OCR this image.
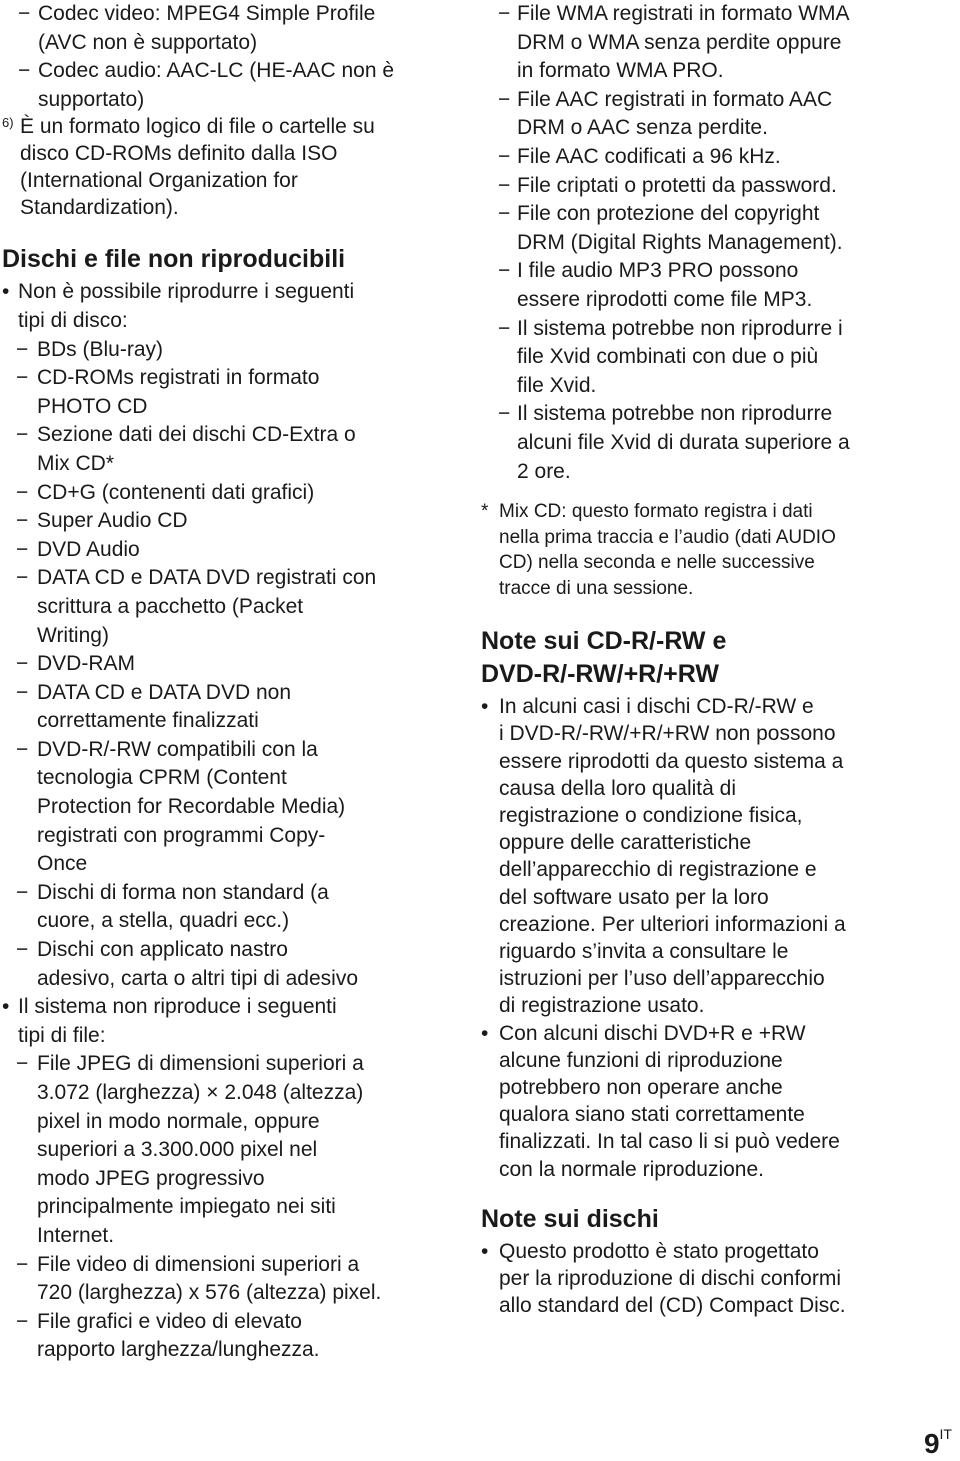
− Codec video: MPEG4 Simple Profile
(AVC non è supportato)
− Codec audio: AAC-LC (HE-AAC non è
supportato)
6) È un formato logico di file o cartelle su
disco CD-ROMs definito dalla ISO
(International Organization for
Standardization).
Dischi e file non riproducibili
• Non è possibile riprodurre i seguenti
tipi di disco:
− BDs (Blu-ray)
− CD-ROMs registrati in formato
PHOTO CD
− Sezione dati dei dischi CD-Extra o
Mix CD*
− CD+G (contenenti dati grafici)
− Super Audio CD
− DVD Audio
− DATA CD e DATA DVD registrati con
scrittura a pacchetto (Packet
Writing)
− DVD-RAM
− DATA CD e DATA DVD non
correttamente finalizzati
− DVD-R/-RW compatibili con la
tecnologia CPRM (Content
Protection for Recordable Media)
registrati con programmi Copy-
Once
− Dischi di forma non standard (a
cuore, a stella, quadri ecc.)
− Dischi con applicato nastro
adesivo, carta o altri tipi di adesivo
• Il sistema non riproduce i seguenti
tipi di file:
− File JPEG di dimensioni superiori a
3.072 (larghezza) × 2.048 (altezza)
pixel in modo normale, oppure
superiori a 3.300.000 pixel nel
modo JPEG progressivo
principalmente impiegato nei siti
Internet.
− File video di dimensioni superiori a
720 (larghezza) x 576 (altezza) pixel.
− File grafici e video di elevato
rapporto larghezza/lunghezza.
− File WMA registrati in formato WMA
DRM o WMA senza perdite oppure
in formato WMA PRO.
− File AAC registrati in formato AAC
DRM o AAC senza perdite.
− File AAC codificati a 96 kHz.
− File criptati o protetti da password.
− File con protezione del copyright
DRM (Digital Rights Management).
− I file audio MP3 PRO possono
essere riprodotti come file MP3.
− Il sistema potrebbe non riprodurre i
file Xvid combinati con due o più
file Xvid.
− Il sistema potrebbe non riprodurre
alcuni file Xvid di durata superiore a
2 ore.
* Mix CD: questo formato registra i dati
nella prima traccia e l’audio (dati AUDIO
CD) nella seconda e nelle successive
tracce di una sessione.
Note sui CD-R/-RW e
DVD-R/-RW/+R/+RW
• In alcuni casi i dischi CD-R/-RW e
i DVD-R/-RW/+R/+RW non possono
essere riprodotti da questo sistema a
causa della loro qualità di
registrazione o condizione fisica,
oppure delle caratteristiche
dell’apparecchio di registrazione e
del software usato per la loro
creazione. Per ulteriori informazioni a
riguardo s’invita a consultare le
istruzioni per l’uso dell’apparecchio
di registrazione usato.
• Con alcuni dischi DVD+R e +RW
alcune funzioni di riproduzione
potrebbero non operare anche
qualora siano stati correttamente
finalizzati. In tal caso li si può vedere
con la normale riproduzione.
Note sui dischi
• Questo prodotto è stato progettato
per la riproduzione di dischi conformi
allo standard del (CD) Compact Disc.
$9^{IT}$
